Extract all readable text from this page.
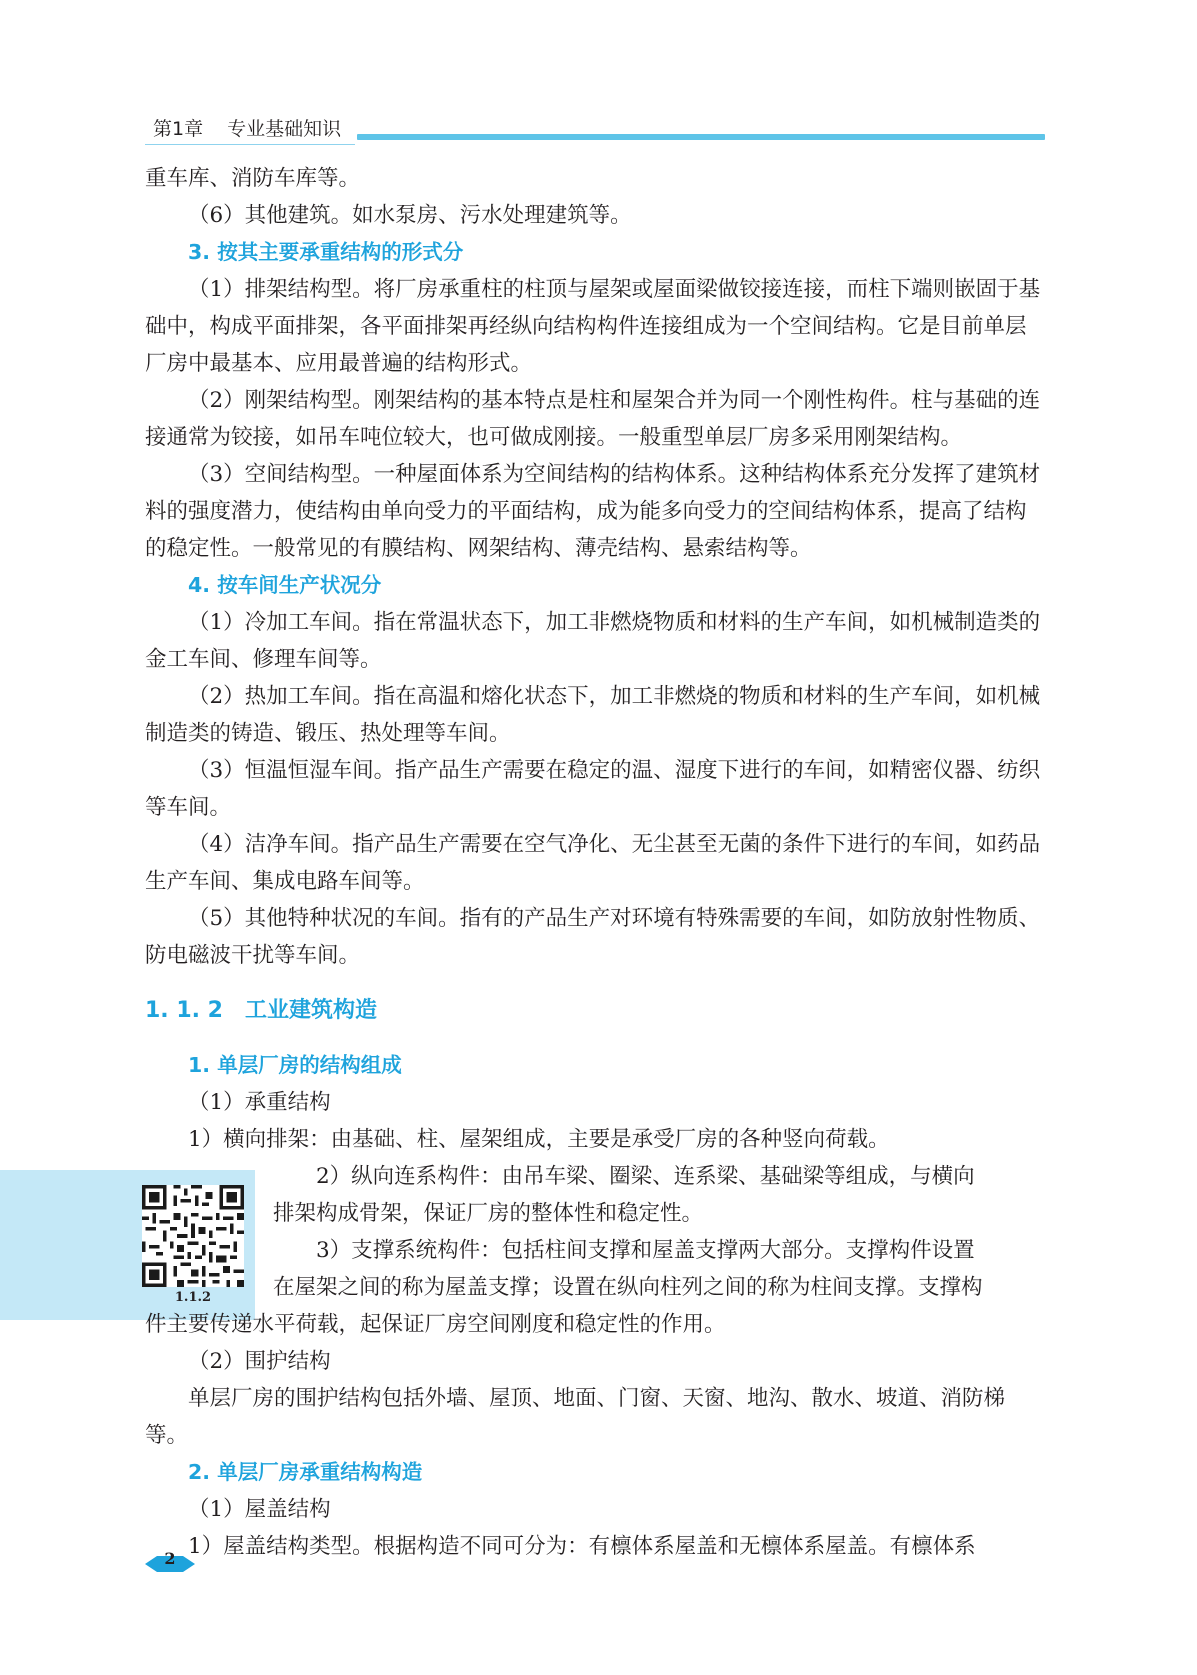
第1章 专业基础知识
1.1.2

重车库、消防车库等。

（6）其他建筑。如水泵房、污水处理建筑等。

3. 按其主要承重结构的形式分

（1）排架结构型。将厂房承重柱的柱顶与屋架或屋面梁做铰接连接，而柱下端则嵌固于基础中，构成平面排架，各平面排架再经纵向结构构件连接组成为一个空间结构。它是目前单层厂房中最基本、应用最普遍的结构形式。

（2）刚架结构型。刚架结构的基本特点是柱和屋架合并为同一个刚性构件。柱与基础的连接通常为铰接，如吊车吨位较大，也可做成刚接。一般重型单层厂房多采用刚架结构。

（3）空间结构型。一种屋面体系为空间结构的结构体系。这种结构体系充分发挥了建筑材料的强度潜力，使结构由单向受力的平面结构，成为能多向受力的空间结构体系，提高了结构的稳定性。一般常见的有膜结构、网架结构、薄壳结构、悬索结构等。

4. 按车间生产状况分

（1）冷加工车间。指在常温状态下，加工非燃烧物质和材料的生产车间，如机械制造类的金工车间、修理车间等。

（2）热加工车间。指在高温和熔化状态下，加工非燃烧的物质和材料的生产车间，如机械制造类的铸造、锻压、热处理等车间。

（3）恒温恒湿车间。指产品生产需要在稳定的温、湿度下进行的车间，如精密仪器、纺织等车间。

（4）洁净车间。指产品生产需要在空气净化、无尘甚至无菌的条件下进行的车间，如药品生产车间、集成电路车间等。

（5）其他特种状况的车间。指有的产品生产对环境有特殊需要的车间，如防放射性物质、防电磁波干扰等车间。

1. 1. 2　工业建筑构造

1. 单层厂房的结构组成

（1）承重结构

1）横向排架：由基础、柱、屋架组成，主要是承受厂房的各种竖向荷载。

2）纵向连系构件：由吊车梁、圈梁、连系梁、基础梁等组成，与横向

排架构成骨架，保证厂房的整体性和稳定性。

3）支撑系统构件：包括柱间支撑和屋盖支撑两大部分。支撑构件设置

在屋架之间的称为屋盖支撑；设置在纵向柱列之间的称为柱间支撑。支撑构

件主要传递水平荷载，起保证厂房空间刚度和稳定性的作用。

（2）围护结构

单层厂房的围护结构包括外墙、屋顶、地面、门窗、天窗、地沟、散水、坡道、消防梯等。

2. 单层厂房承重结构构造

（1）屋盖结构

1）屋盖结构类型。根据构造不同可分为：有檩体系屋盖和无檩体系屋盖。有檩体系

2
